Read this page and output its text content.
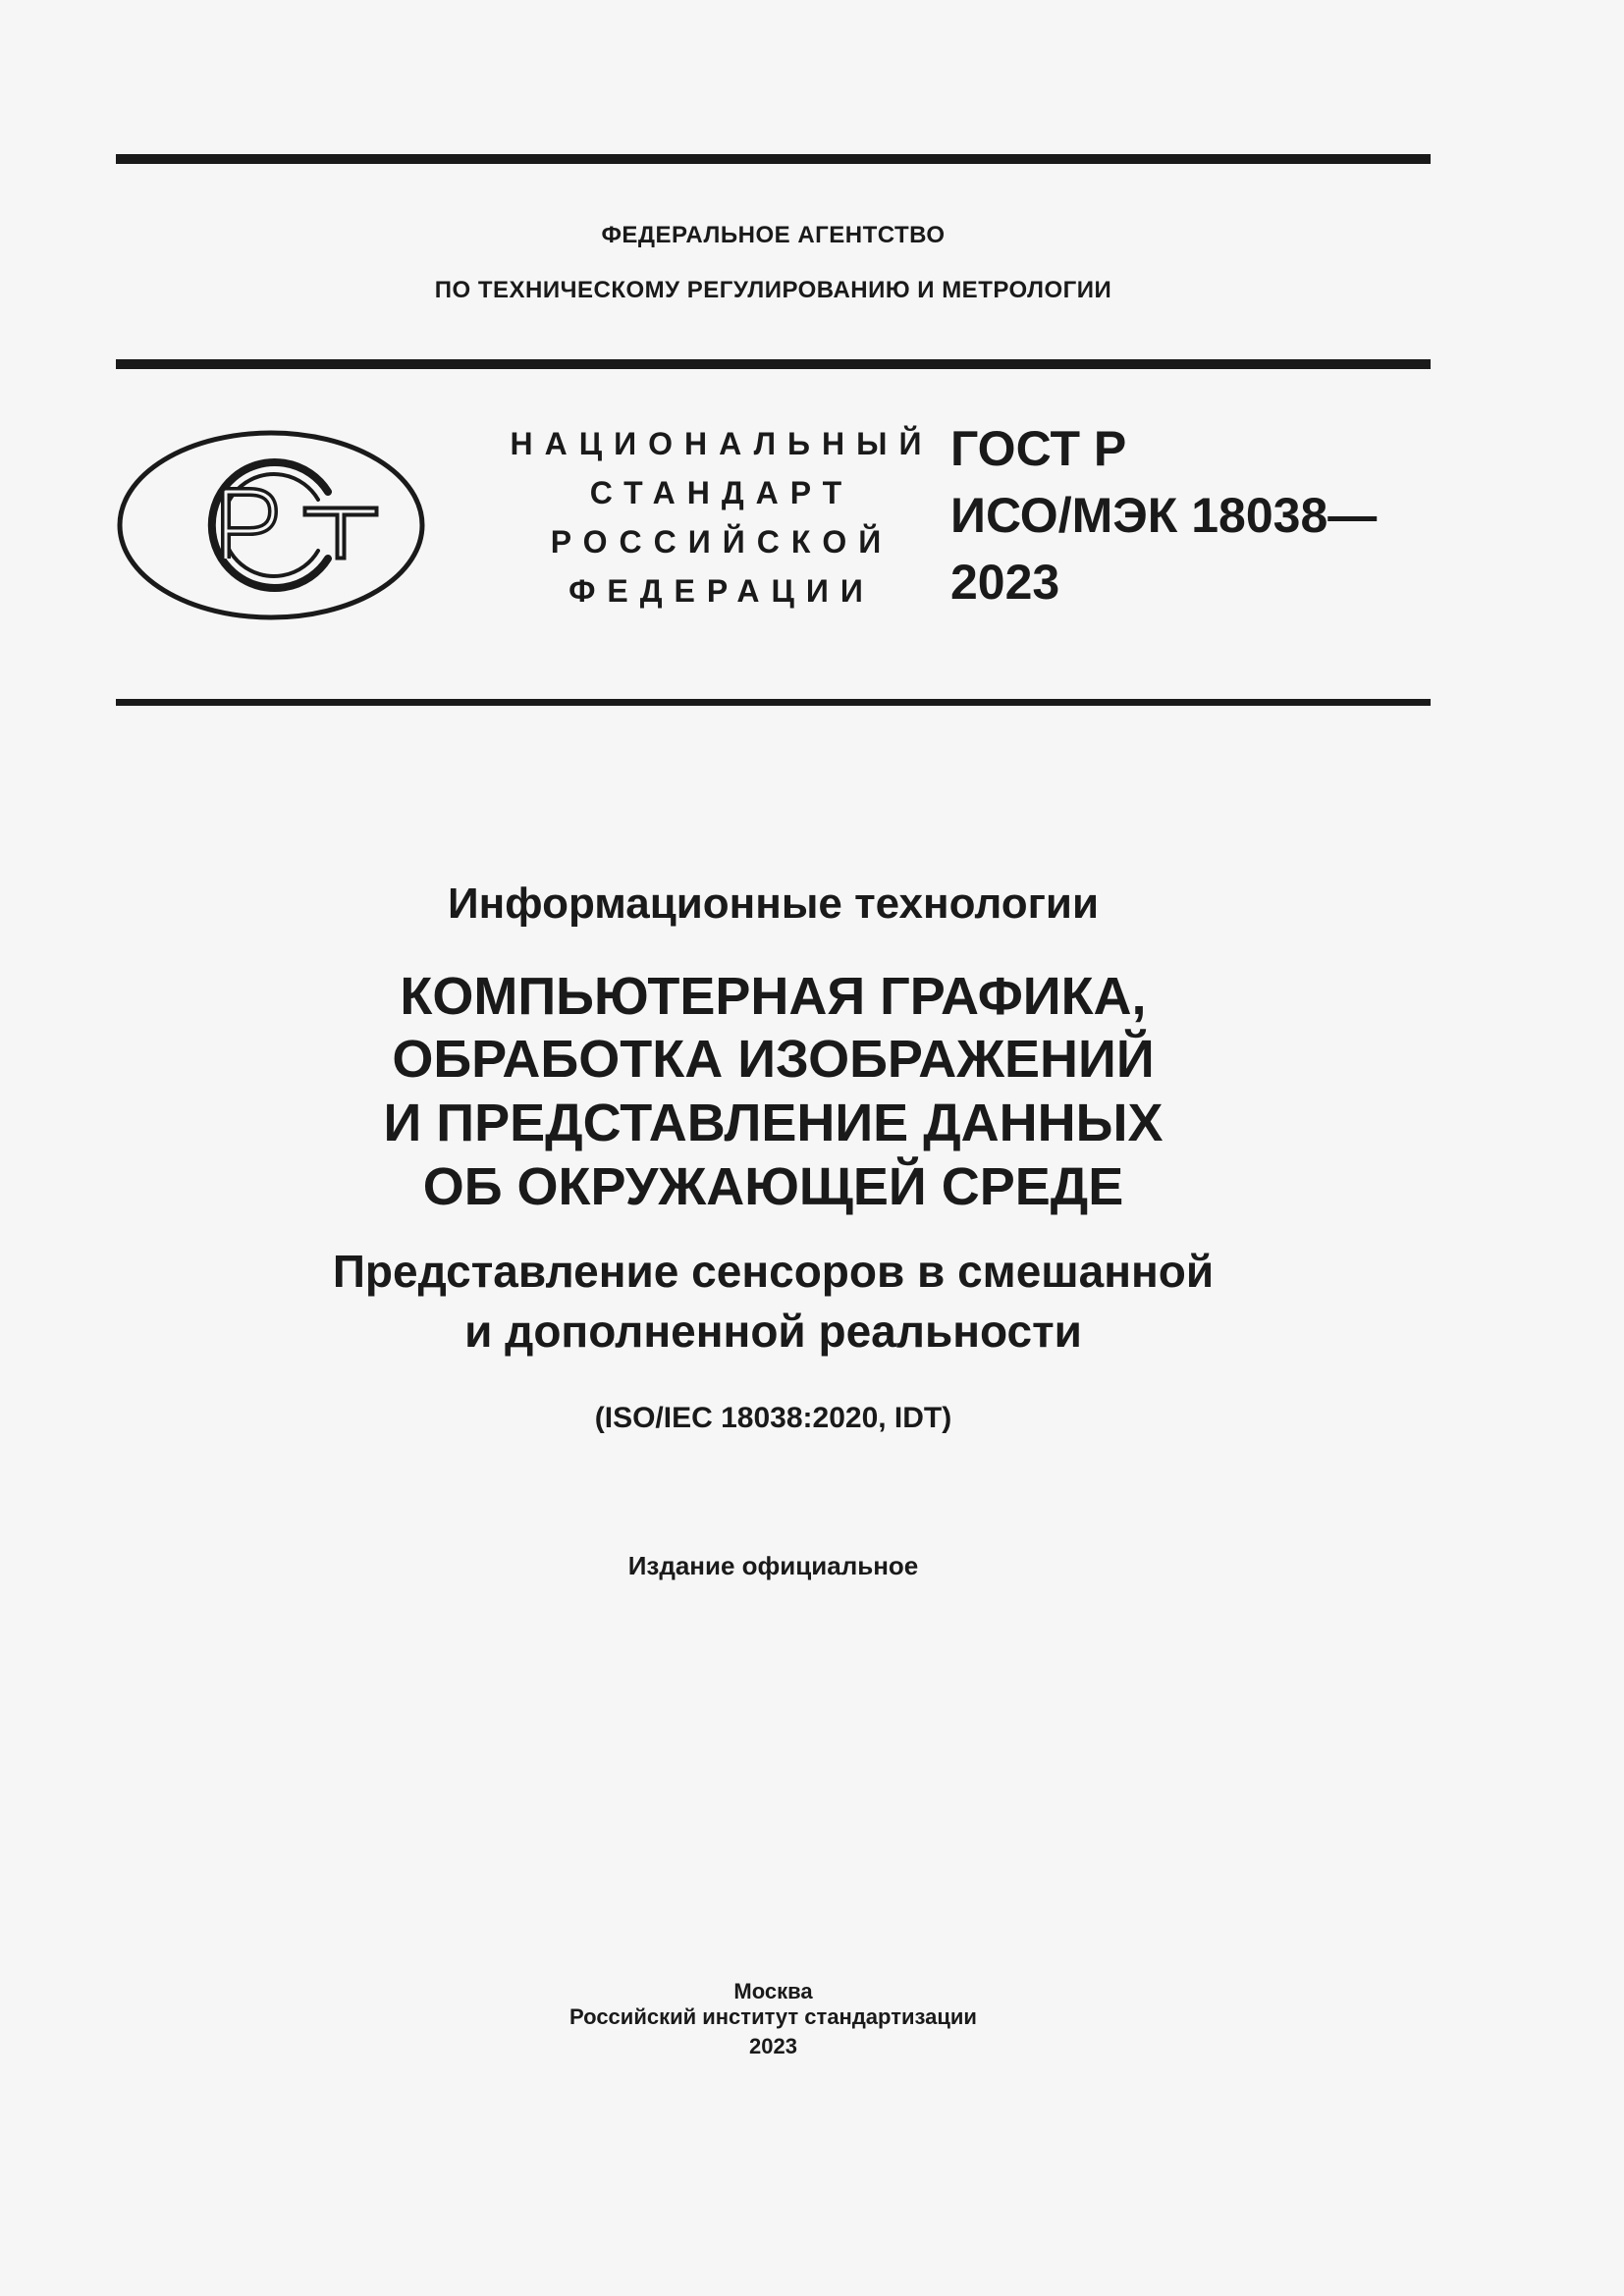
ФЕДЕРАЛЬНОЕ АГЕНТСТВО
ПО ТЕХНИЧЕСКОМУ РЕГУЛИРОВАНИЮ И МЕТРОЛОГИИ
НАЦИОНАЛЬНЫЙ
СТАНДАРТ
РОССИЙСКОЙ
ФЕДЕРАЦИИ
ГОСТ Р
ИСО/МЭК 18038—
2023
Информационные технологии
КОМПЬЮТЕРНАЯ ГРАФИКА,
ОБРАБОТКА ИЗОБРАЖЕНИЙ
И ПРЕДСТАВЛЕНИЕ ДАННЫХ
ОБ ОКРУЖАЮЩЕЙ СРЕДЕ
Представление сенсоров в смешанной
и дополненной реальности
(ISO/IEC 18038:2020, IDT)
Издание официальное
Москва
Российский институт стандартизации
2023
